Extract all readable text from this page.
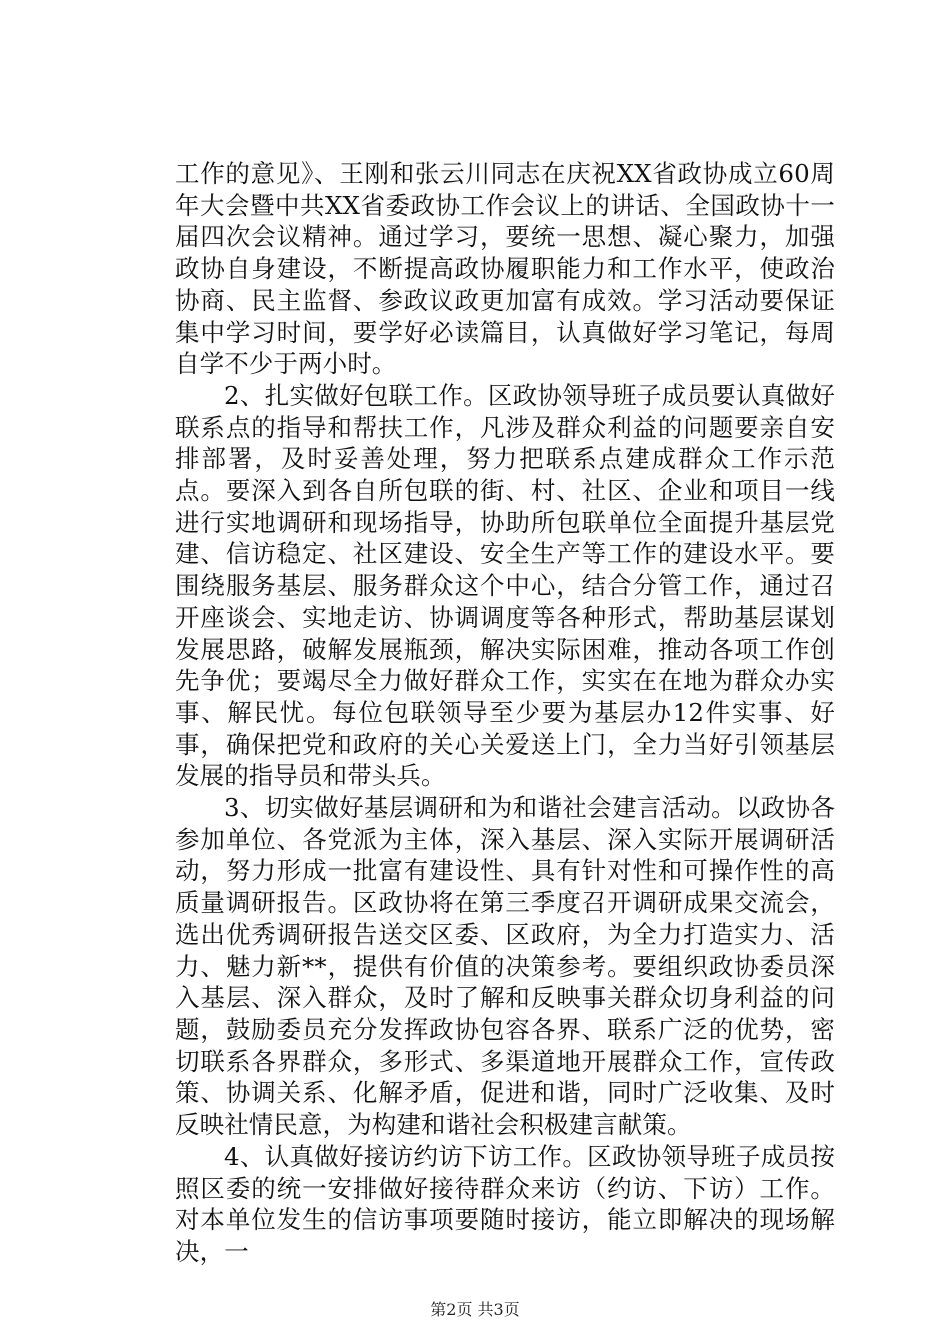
工作的意见》、王刚和张云川同志在庆祝XX省政协成立60周年大会暨中共XX省委政协工作会议上的讲话、全国政协十一届四次会议精神。通过学习，要统一思想、凝心聚力，加强政协自身建设，不断提高政协履职能力和工作水平，使政治协商、民主监督、参政议政更加富有成效。学习活动要保证集中学习时间，要学好必读篇目，认真做好学习笔记，每周自学不少于两小时。

2、扎实做好包联工作。区政协领导班子成员要认真做好联系点的指导和帮扶工作，凡涉及群众利益的问题要亲自安排部署，及时妥善处理，努力把联系点建成群众工作示范点。要深入到各自所包联的街、村、社区、企业和项目一线进行实地调研和现场指导，协助所包联单位全面提升基层党建、信访稳定、社区建设、安全生产等工作的建设水平。要围绕服务基层、服务群众这个中心，结合分管工作，通过召开座谈会、实地走访、协调调度等各种形式，帮助基层谋划发展思路，破解发展瓶颈，解决实际困难，推动各项工作创先争优；要竭尽全力做好群众工作，实实在在地为群众办实事、解民忧。每位包联领导至少要为基层办12件实事、好事，确保把党和政府的关心关爱送上门，全力当好引领基层发展的指导员和带头兵。

3、切实做好基层调研和为和谐社会建言活动。以政协各参加单位、各党派为主体，深入基层、深入实际开展调研活动，努力形成一批富有建设性、具有针对性和可操作性的高质量调研报告。区政协将在第三季度召开调研成果交流会，选出优秀调研报告送交区委、区政府，为全力打造实力、活力、魅力新**，提供有价值的决策参考。要组织政协委员深入基层、深入群众，及时了解和反映事关群众切身利益的问题，鼓励委员充分发挥政协包容各界、联系广泛的优势，密切联系各界群众，多形式、多渠道地开展群众工作，宣传政策、协调关系、化解矛盾，促进和谐，同时广泛收集、及时反映社情民意，为构建和谐社会积极建言献策。

4、认真做好接访约访下访工作。区政协领导班子成员按照区委的统一安排做好接待群众来访（约访、下访）工作。对本单位发生的信访事项要随时接访，能立即解决的现场解决，一

第2页 共3页
